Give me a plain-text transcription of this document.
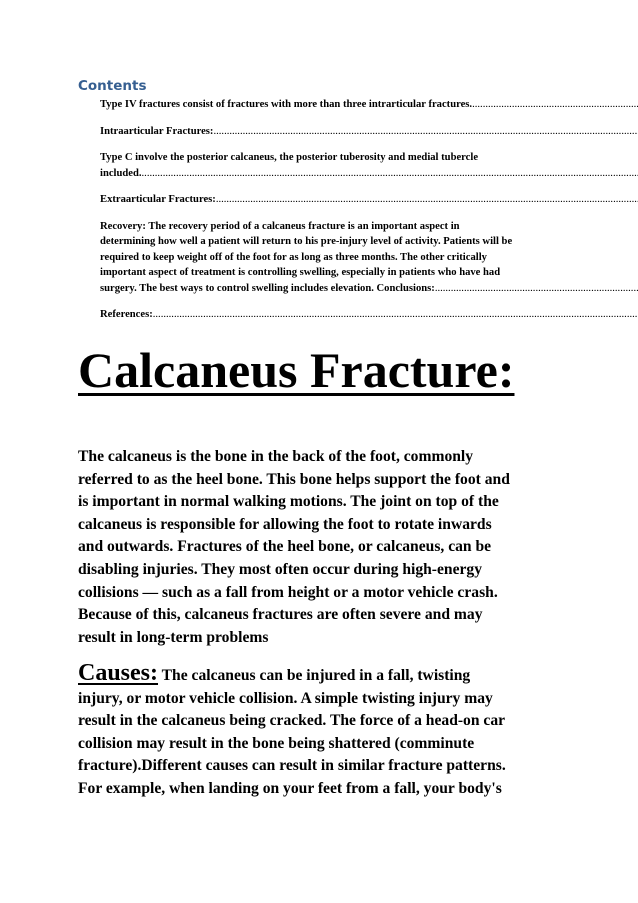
Contents
Type IV fractures consist of fractures with more than three intrarticular fractures.
.....
Intraarticular Fractures:
.....
Type C involve the posterior calcaneus, the posterior tuberosity and medial tubercle
included.
.....
Extraarticular Fractures:
.....
Recovery: The recovery period of a calcaneus fracture is an important aspect in
determining how well a patient will return to his pre-injury level of activity. Patients will be
required to keep weight off of the foot for as long as three months. The other critically
important aspect of treatment is controlling swelling, especially in patients who have had
surgery. The best ways to control swelling includes elevation. Conclusions:
.....
References:
.....
Calcaneus Fracture:
The calcaneus is the bone in the back of the foot, commonly
referred to as the heel bone. This bone helps support the foot and
is important in normal walking motions. The joint on top of the
calcaneus is responsible for allowing the foot to rotate inwards
and outwards. Fractures of the heel bone, or calcaneus, can be
disabling injuries. They most often occur during high-energy
collisions — such as a fall from height or a motor vehicle crash.
Because of this, calcaneus fractures are often severe and may
result in long-term problems
Causes: The calcaneus can be injured in a fall, twisting
injury, or motor vehicle collision. A simple twisting injury may
result in the calcaneus being cracked. The force of a head-on car
collision may result in the bone being shattered (comminute
fracture).Different causes can result in similar fracture patterns.
For example, when landing on your feet from a fall, your body's
